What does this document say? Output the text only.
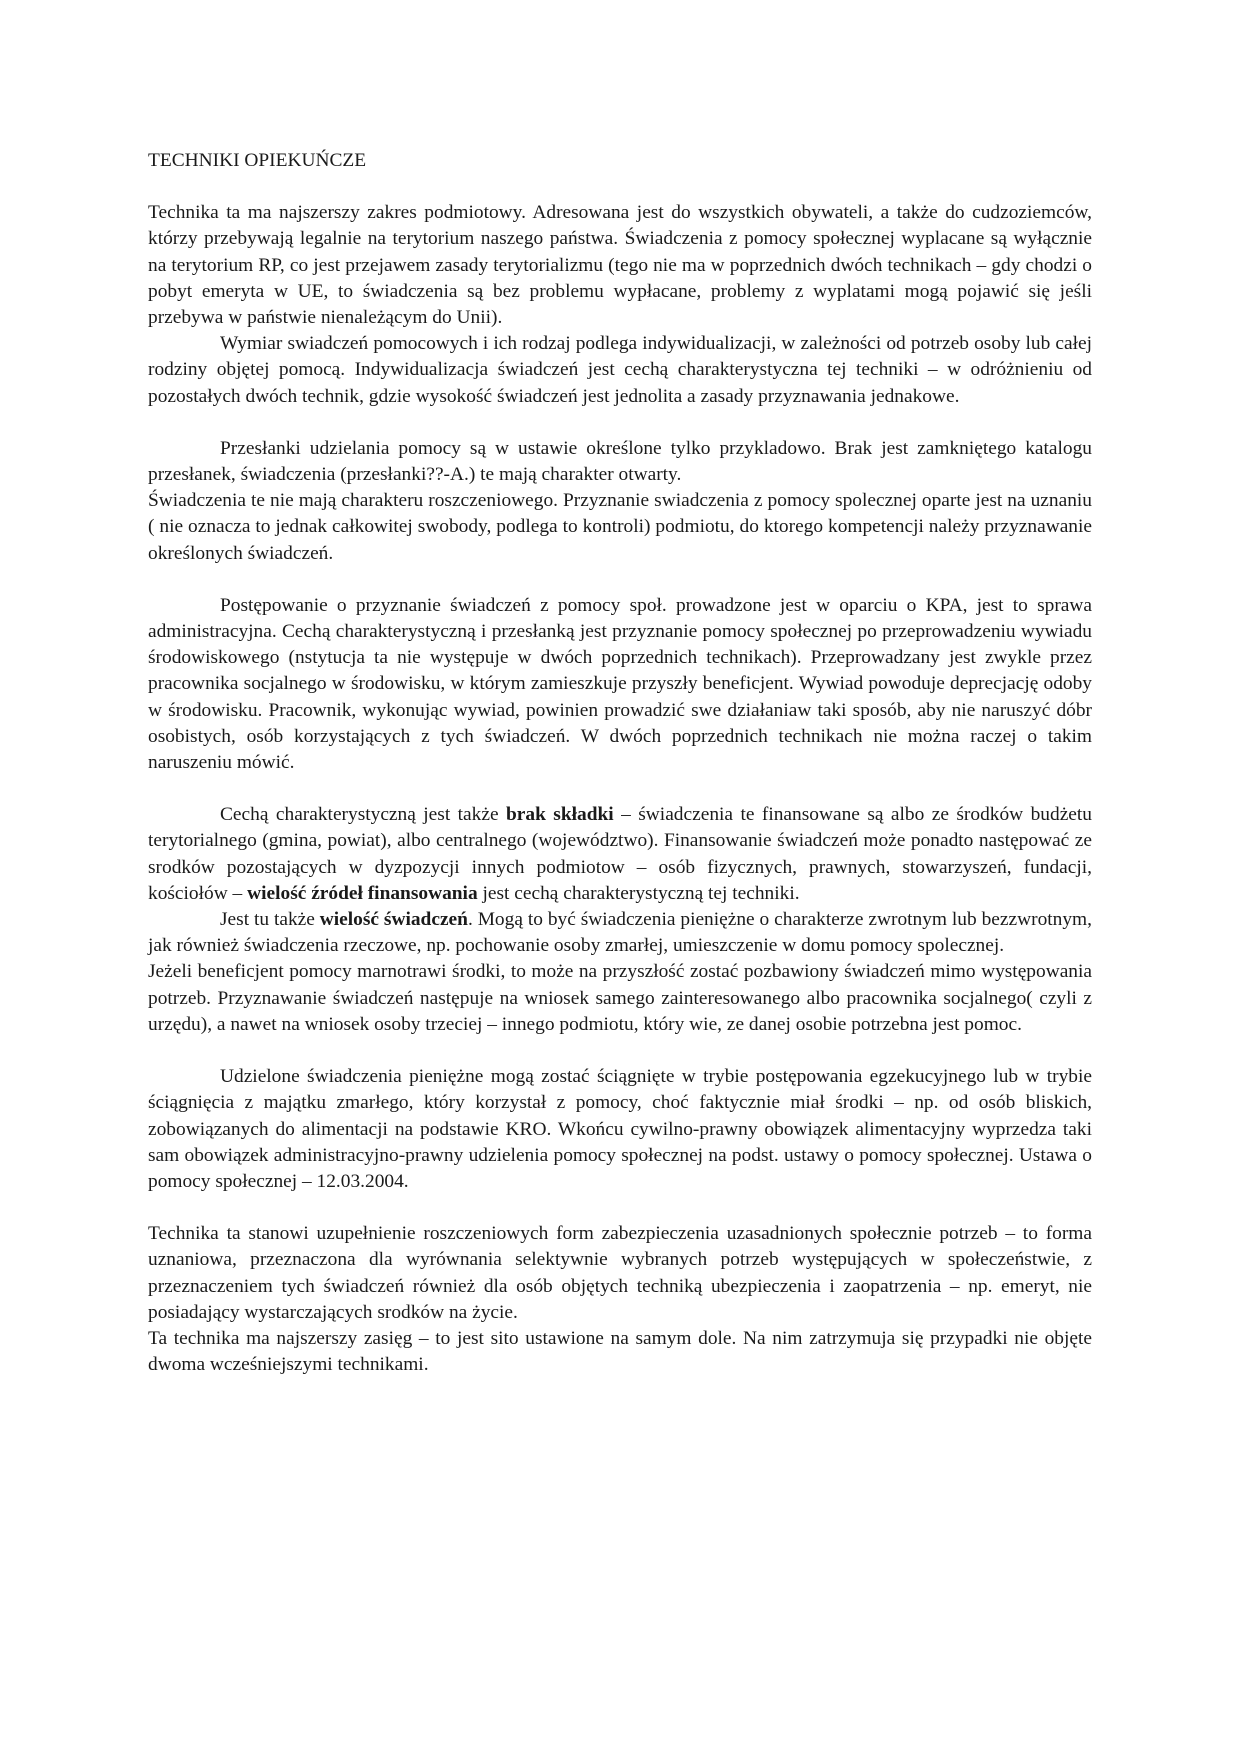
TECHNIKI OPIEKUŃCZE

Technika ta ma najszerszy zakres podmiotowy. Adresowana jest do wszystkich obywateli, a także do cudzoziemców, którzy przebywają legalnie na terytorium naszego państwa. Świadczenia z pomocy społecznej wyplacane są wyłącznie na terytorium RP, co jest przejawem zasady terytorializmu (tego nie ma w poprzednich dwóch technikach – gdy chodzi o pobyt emeryta w UE, to świadczenia są bez problemu wypłacane, problemy z wyplatami mogą pojawić się jeśli przebywa w państwie nienależącym do Unii).

Wymiar swiadczeń pomocowych i ich rodzaj podlega indywidualizacji, w zależności od potrzeb osoby lub całej rodziny objętej pomocą. Indywidualizacja świadczeń jest cechą charakterystyczna tej techniki – w odróżnieniu od pozostałych dwóch technik, gdzie wysokość świadczeń jest jednolita a zasady przyznawania jednakowe.

Przesłanki udzielania pomocy są w ustawie określone tylko przykladowo. Brak jest zamkniętego katalogu przesłanek, świadczenia (przesłanki??-A.) te mają charakter otwarty.

Świadczenia te nie mają charakteru roszczeniowego. Przyznanie swiadczenia z pomocy spolecznej oparte jest na uznaniu ( nie oznacza to jednak całkowitej swobody, podlega to kontroli) podmiotu, do ktorego kompetencji należy przyznawanie określonych świadczeń.

Postępowanie o przyznanie świadczeń z pomocy społ. prowadzone jest w oparciu o KPA, jest to sprawa administracyjna. Cechą charakterystyczną i przesłanką jest przyznanie pomocy społecznej po przeprowadzeniu wywiadu środowiskowego (nstytucja ta nie występuje w dwóch poprzednich technikach). Przeprowadzany jest zwykle przez pracownika socjalnego w środowisku, w którym zamieszkuje przyszły beneficjent. Wywiad powoduje deprecjację odoby w środowisku. Pracownik, wykonując wywiad, powinien prowadzić swe działaniaw taki sposób, aby nie naruszyć dóbr osobistych, osób korzystających z tych świadczeń. W dwóch poprzednich technikach nie można raczej o takim naruszeniu mówić.

Cechą charakterystyczną jest także brak składki – świadczenia te finansowane są albo ze środków budżetu terytorialnego (gmina, powiat), albo centralnego (województwo). Finansowanie świadczeń może ponadto następować ze srodków pozostających w dyzpozycji innych podmiotow – osób fizycznych, prawnych, stowarzyszeń, fundacji, kościołów – wielość źródeł finansowania jest cechą charakterystyczną tej techniki.

Jest tu także wielość świadczeń. Mogą to być świadczenia pieniężne o charakterze zwrotnym lub bezzwrotnym, jak również świadczenia rzeczowe, np. pochowanie osoby zmarłej, umieszczenie w domu pomocy spolecznej.

Jeżeli beneficjent pomocy marnotrawi środki, to może na przyszłość zostać pozbawiony świadczeń mimo występowania potrzeb. Przyznawanie świadczeń następuje na wniosek samego zainteresowanego albo pracownika socjalnego( czyli z urzędu), a nawet na wniosek osoby trzeciej – innego podmiotu, który wie, ze danej osobie potrzebna jest pomoc.

Udzielone świadczenia pieniężne mogą zostać ściągnięte w trybie postępowania egzekucyjnego lub w trybie ściągnięcia z majątku zmarłego, który korzystał z pomocy, choć faktycznie miał środki – np. od osób bliskich, zobowiązanych do alimentacji na podstawie KRO. Wkońcu cywilno-prawny obowiązek alimentacyjny wyprzedza taki sam obowiązek administracyjno-prawny udzielenia pomocy społecznej na podst. ustawy o pomocy społecznej. Ustawa o pomocy społecznej – 12.03.2004.

Technika ta stanowi uzupełnienie roszczeniowych form zabezpieczenia uzasadnionych społecznie potrzeb – to forma uznaniowa, przeznaczona dla wyrównania selektywnie wybranych potrzeb występujących w społeczeństwie, z przeznaczeniem tych świadczeń również dla osób objętych techniką ubezpieczenia i zaopatrzenia – np. emeryt, nie posiadający wystarczających srodków na życie.

Ta technika ma najszerszy zasięg – to jest sito ustawione na samym dole. Na nim zatrzymuja się przypadki nie objęte dwoma wcześniejszymi technikami.
